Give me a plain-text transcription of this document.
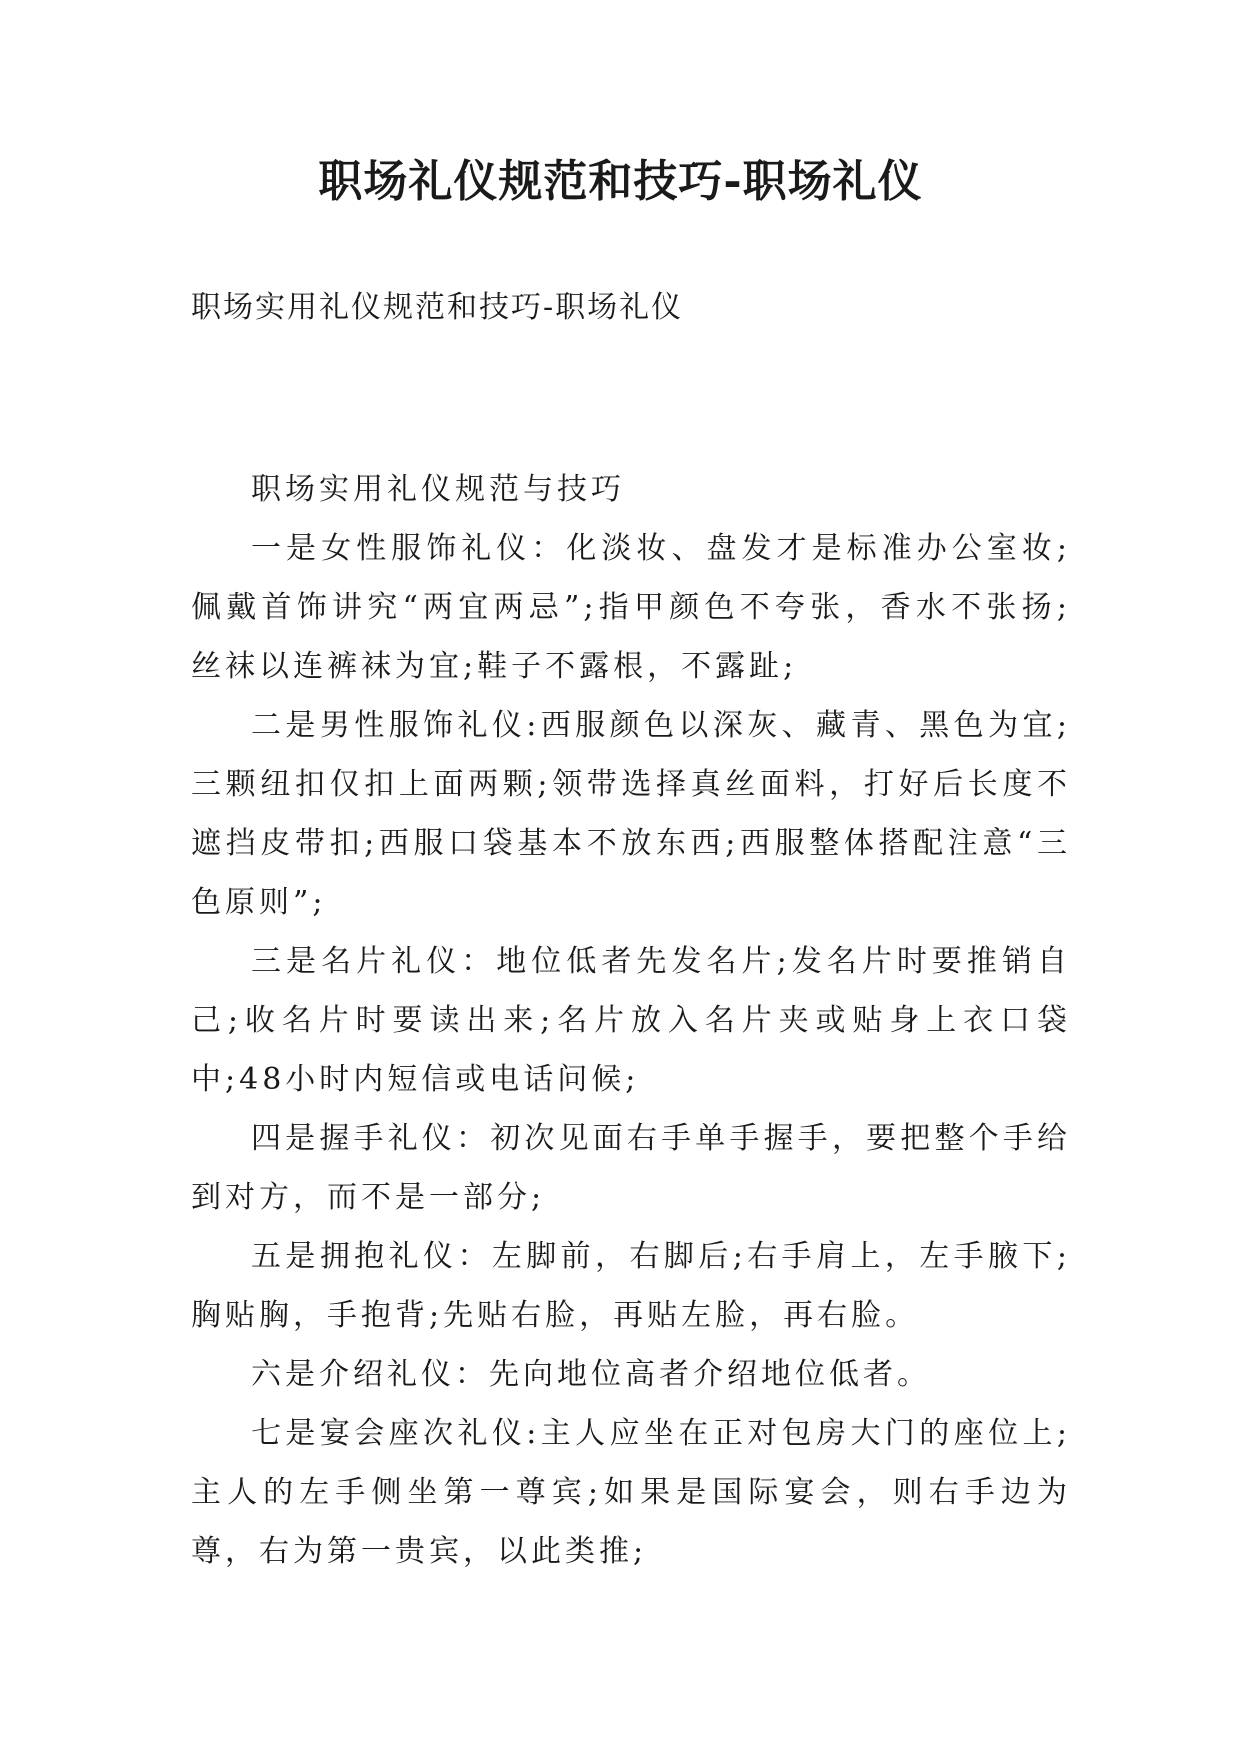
职场礼仪规范和技巧-职场礼仪
职场实用礼仪规范和技巧-职场礼仪

职场实用礼仪规范与技巧

一是女性服饰礼仪：化淡妆、盘发才是标准办公室妆;佩戴首饰讲究“两宜两忌”;指甲颜色不夸张，香水不张扬;丝袜以连裤袜为宜;鞋子不露根，不露趾;

二是男性服饰礼仪:西服颜色以深灰、藏青、黑色为宜;三颗纽扣仅扣上面两颗;领带选择真丝面料，打好后长度不遮挡皮带扣;西服口袋基本不放东西;西服整体搭配注意“三色原则”;

三是名片礼仪：地位低者先发名片;发名片时要推销自己;收名片时要读出来;名片放入名片夹或贴身上衣口袋中;48小时内短信或电话问候;

四是握手礼仪：初次见面右手单手握手，要把整个手给到对方，而不是一部分;

五是拥抱礼仪：左脚前，右脚后;右手肩上，左手腋下;胸贴胸，手抱背;先贴右脸，再贴左脸，再右脸。

六是介绍礼仪：先向地位高者介绍地位低者。

七是宴会座次礼仪:主人应坐在正对包房大门的座位上;主人的左手侧坐第一尊宾;如果是国际宴会，则右手边为尊，右为第一贵宾，以此类推;
